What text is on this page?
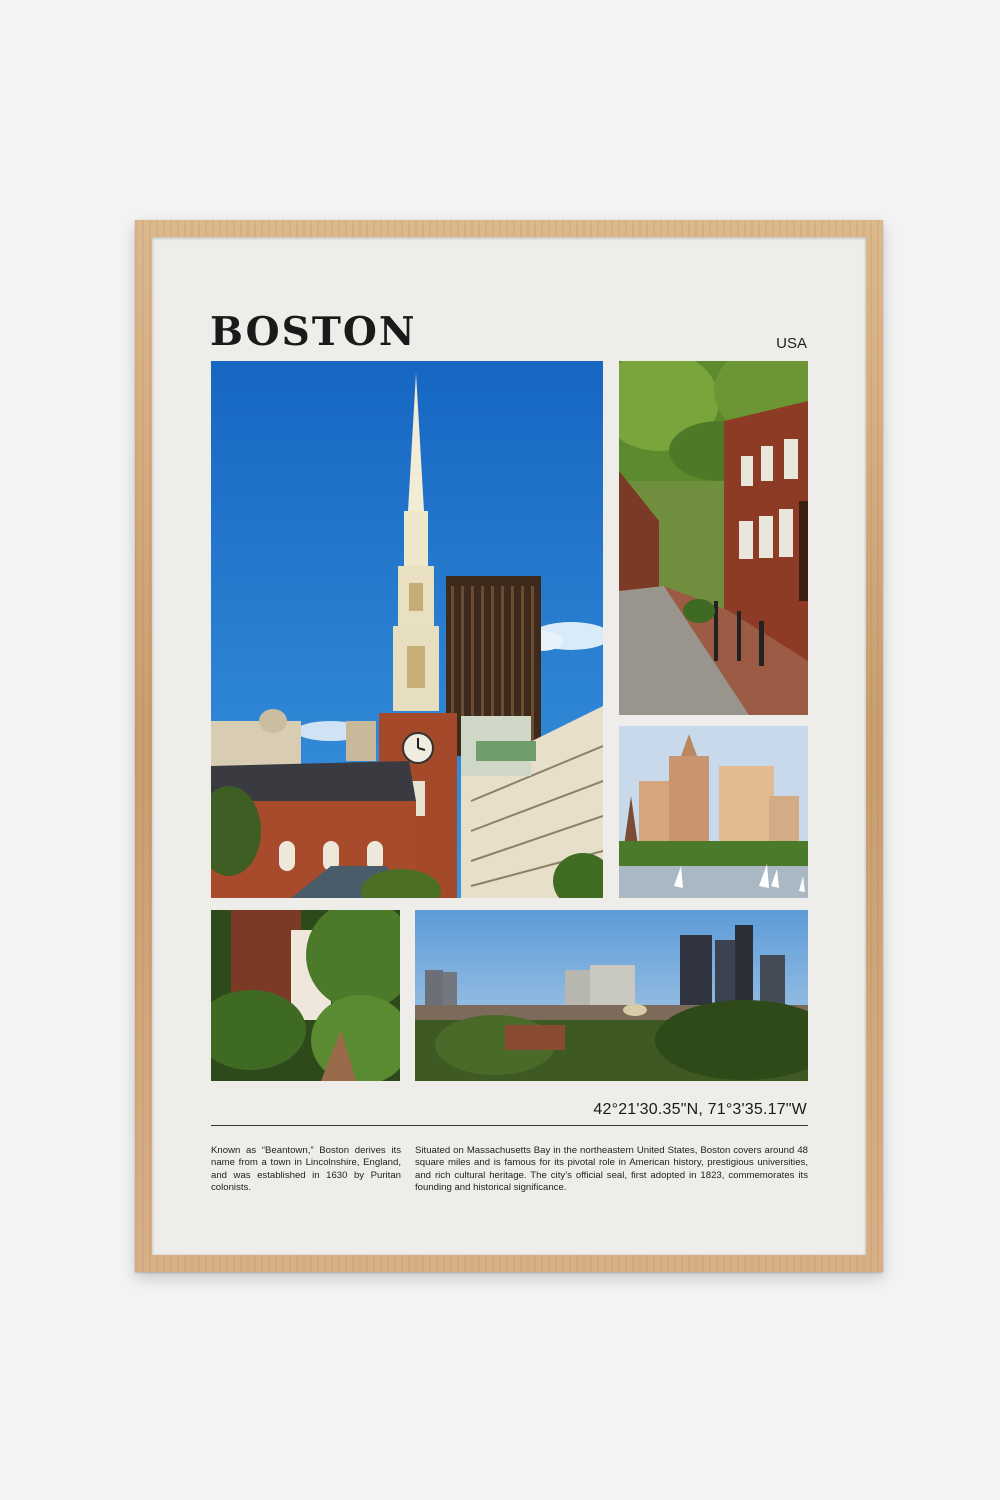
BOSTON	USA
42°21'30.35"N, 71°3'35.17"W

Known as “Beantown,” Boston derives its name from a town in Lincolnshire, England, and was established in 1630 by Puritan colonists.

Situated on Massachusetts Bay in the northeastern United States, Boston covers around 48 square miles and is famous for its pivotal role in American history, prestigious universities, and rich cultural heritage. The city’s official seal, first adopted in 1823, commemorates its founding and historical significance.
